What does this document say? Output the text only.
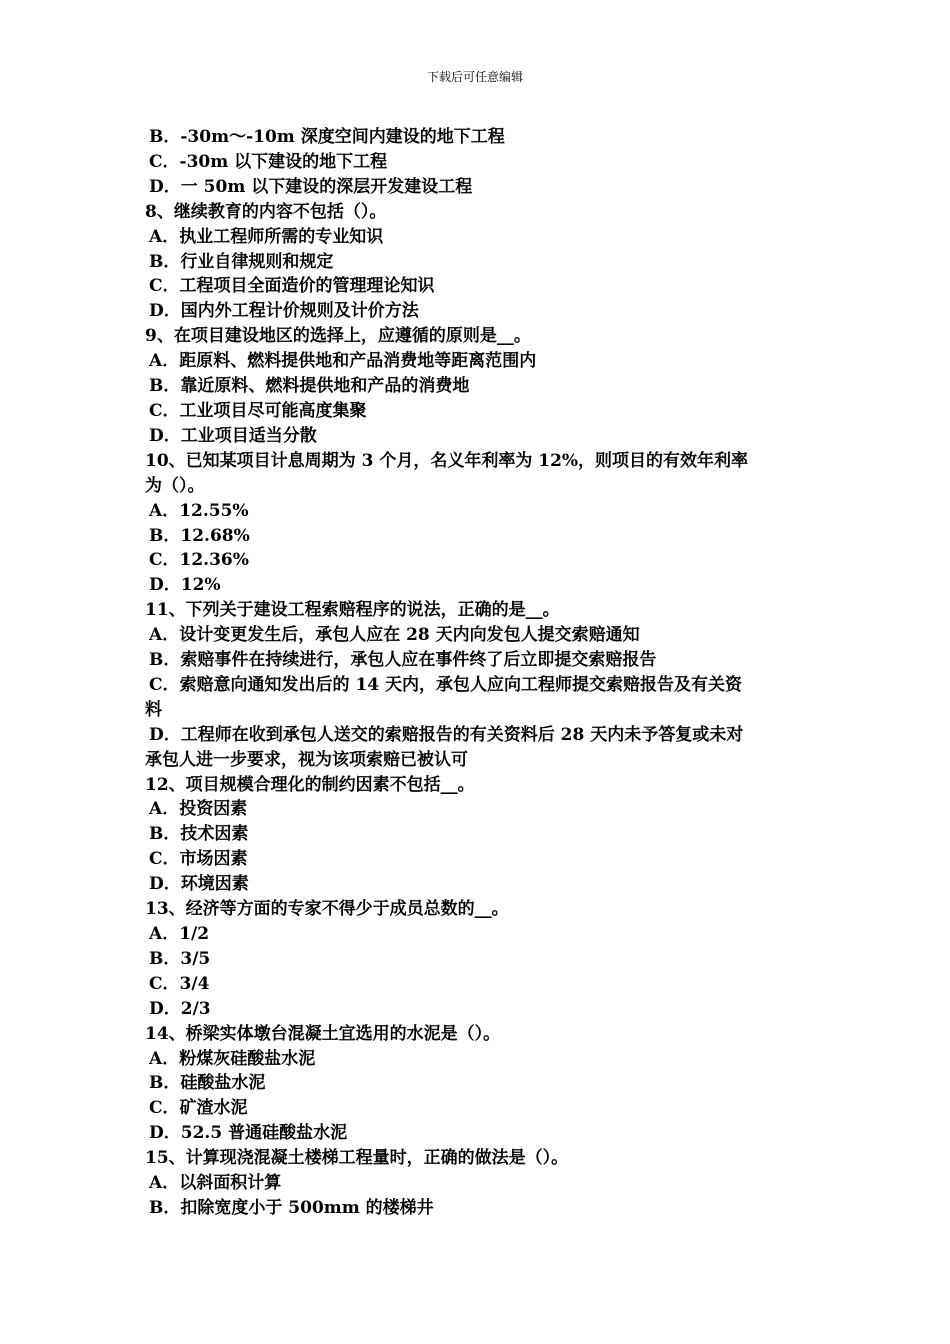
下载后可任意编辑
B．-30m～-10m 深度空间内建设的地下工程
C．-30m 以下建设的地下工程
D．一 50m 以下建设的深层开发建设工程
8、继续教育的内容不包括（）。
A．执业工程师所需的专业知识
B．行业自律规则和规定
C．工程项目全面造价的管理理论知识
D．国内外工程计价规则及计价方法
9、在项目建设地区的选择上，应遵循的原则是__。
A．距原料、燃料提供地和产品消费地等距离范围内
B．靠近原料、燃料提供地和产品的消费地
C．工业项目尽可能高度集聚
D．工业项目适当分散
10、已知某项目计息周期为 3 个月，名义年利率为 12%，则项目的有效年利率
为（）。
A．12.55%
B．12.68%
C．12.36%
D．12%
11、下列关于建设工程索赔程序的说法，正确的是__。
A．设计变更发生后，承包人应在 28 天内向发包人提交索赔通知
B．索赔事件在持续进行，承包人应在事件终了后立即提交索赔报告
C．索赔意向通知发出后的 14 天内，承包人应向工程师提交索赔报告及有关资
料
D．工程师在收到承包人送交的索赔报告的有关资料后 28 天内未予答复或未对
承包人进一步要求，视为该项索赔已被认可
12、项目规模合理化的制约因素不包括__。
A．投资因素
B．技术因素
C．市场因素
D．环境因素
13、经济等方面的专家不得少于成员总数的__。
A．1/2
B．3/5
C．3/4
D．2/3
14、桥梁实体墩台混凝土宜选用的水泥是（）。
A．粉煤灰硅酸盐水泥
B．硅酸盐水泥
C．矿渣水泥
D．52.5 普通硅酸盐水泥
15、计算现浇混凝土楼梯工程量时，正确的做法是（）。
A．以斜面积计算
B．扣除宽度小于 500mm 的楼梯井
